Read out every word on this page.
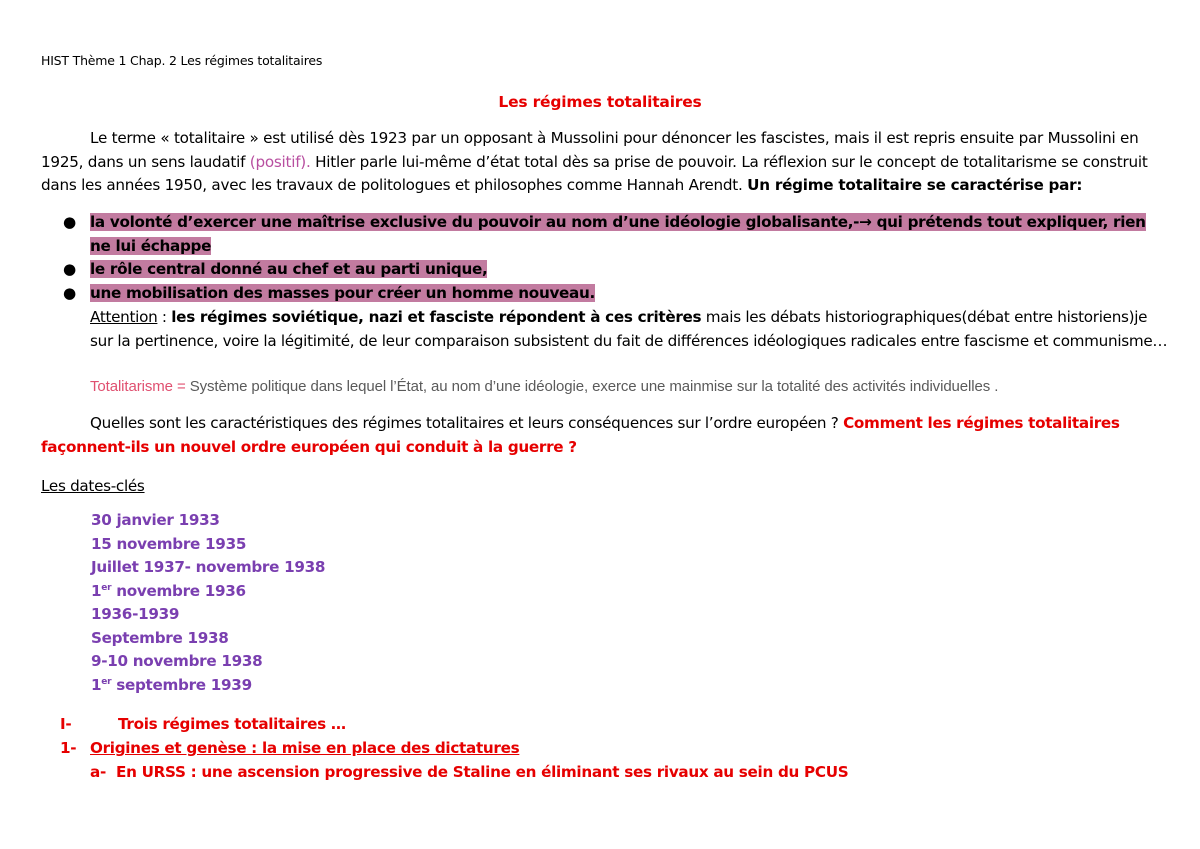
HIST Thème 1 Chap. 2 Les régimes totalitaires
Les régimes totalitaires
Le terme « totalitaire » est utilisé dès 1923 par un opposant à Mussolini pour dénoncer les fascistes, mais il est repris ensuite par Mussolini en 1925, dans un sens laudatif (positif). Hitler parle lui-même d’état total dès sa prise de pouvoir. La réflexion sur le concept de totalitarisme se construit dans les années 1950, avec les travaux de politologues et philosophes comme Hannah Arendt. Un régime totalitaire se caractérise par:
● la volonté d’exercer une maîtrise exclusive du pouvoir au nom d’une idéologie globalisante,-→ qui prétends tout expliquer, rien ne lui échappe
● le rôle central donné au chef et au parti unique,
● une mobilisation des masses pour créer un homme nouveau.
Attention : les régimes soviétique, nazi et fasciste répondent à ces critères mais les débats historiographiques(débat entre historiens)je sur la pertinence, voire la légitimité, de leur comparaison subsistent du fait de différences idéologiques radicales entre fascisme et communisme…
Totalitarisme = Système politique dans lequel l’État, au nom d’une idéologie, exerce une mainmise sur la totalité des activités individuelles .
Quelles sont les caractéristiques des régimes totalitaires et leurs conséquences sur l’ordre européen ? Comment les régimes totalitaires façonnent-ils un nouvel ordre européen qui conduit à la guerre ?
Les dates-clés
30 janvier 1933
15 novembre 1935
Juillet 1937- novembre 1938
1er novembre 1936
1936-1939
Septembre 1938
9-10 novembre 1938
1er septembre 1939
I-	Trois régimes totalitaires …
1- Origines et genèse : la mise en place des dictatures
a- En URSS : une ascension progressive de Staline en éliminant ses rivaux au sein du PCUS
